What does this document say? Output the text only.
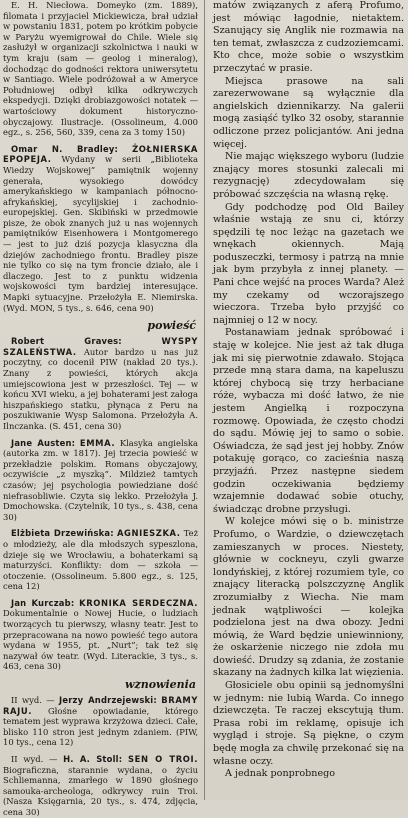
E. H. Niecłowa. Domeyko (zm. 1889), filomata i przyjaciel Mickiewicza, brał udział w powstaniu 1831, potem po krótkim pobycie w Paryżu wyemigrował do Chile. Wiele się zasłużył w organizacji szkolnictwa i nauki w tym kraju (sam — geolog i mineralog), dochodząc do godności rektora uniwersytetu w Santiago. Wiele podróżował a w Ameryce Południowej odbył kilka odkrywczych ekspedycji. Dzięki drobiazgowości notatek — wartościowy dokument historyczno-obyczajowy. Ilustracje. (Ossolineum, 4.000 egz., s. 256, 560, 339, cena za 3 tomy 150)

Omar N. Bradley: ŻOŁNIERSKA EPOPEJA. Wydany w serii „Biblioteka Wiedzy Wojskowej” pamiętnik wojenny generała, wysokiego dowódcy amerykańskiego w kampaniach północno-afrykańskiej, sycylijskiej i zachodnio-europejskiej. Gen. Skibiński w przedmowie pisze, że obok znanych już u nas wojennych pamiętników Eisenhowera i Montgomerego — jest to już dziś pozycja klasyczna dla dziejów zachodniego frontu. Bradley pisze nie tylko co się na tym froncie działo, ale i dlaczego. Jest to z punktu widzenia wojskowości tym bardziej interesujące. Mapki sytuacyjne. Przełożyła E. Niemirska. (Wyd. MON, 5 tys., s. 646, cena 90)

powieść

Robert Graves:	WYSPY SZALEŃSTWA. Autor bardzo u nas już poczytny, co docenił PIW (nakład 20 tys.). Znany z powieści, których akcja umiejscowiona jest w przeszłości. Tej — w końcu XVI wieku, a jej bohaterami jest załoga hiszpańskiego statku, płynąca z Peru na poszukiwanie Wysp Salomona. Przełożyła A. Ilnczanka. (S. 451, cena 30)

Jane Austen: EMMA. Klasyka angielska (autorka zm. w 1817). Jej trzecia powieść w przekładzie polskim. Romans obyczajowy, oczywiście „z myszką”. Mildzież tamtych czasów; jej psychologia powiedziane dość niefrasobliwie. Czyta się lekko. Przełożyła J. Dmochowska. (Czytelnik, 10 tys., s. 438, cena 30)

Elżbieta Drzewińska: AGNIESZKA. Też o młodzieży, ale dla młodszych sypeszlona, dzieje się we Wrocławiu, a bohaterkami są maturzyści. Konflikty: dom — szkoła — otoczenie. (Ossolineum. 5.800 egz., s. 125, cena 12)

Jan Kurczab: KRONIKA SERDECZNA. Dokumentalnie o Nowej Hucie, o ludziach tworzących tu pierwszy, własny teatr. Jest to przepracowana na nowo powieść tego autora wydana w 1955, pt. „Nurt”; tak też się nazywał ów teatr. (Wyd. Literackie, 3 tys., s. 463, cena 30)

wznowienia

II wyd. — Jerzy Andrzejewski: BRAMY RAJU. Głośne opowiadanie, którego tematem jest wyprawa krzyżowa dzieci. Całe, blisko 110 stron jest jednym zdaniem. (PIW, 10 tys., cena 12)

II wyd. — H. A. Stoll: SEN O TROI. Biograficzna, starannie wydana, o życiu Schliemanna, zmarłego w 1890 głośnego samouka-archeologa, odkrywcy ruin Troi. (Nasza Księgarnia, 20 tys., s. 474, zdjęcia, cena 30)

matów związanych z aferą Profumo, jest mówiąc łagodnie, nietaktem. Szanujący się Anglik nie rozmawia na ten temat, zwłaszcza z cudzoziemcami. Kto chce, może sobie o wszystkim przeczytać w prasie.

Miejsca prasowe na sali zarezerwowane są wyłącznie dla angielskich dziennikarzy. Na galerii mogą zasiąść tylko 32 osoby, starannie odliczone przez policjantów. Ani jedna więcej.

Nie mając większego wyboru (ludzie znający mores stosunki zalecali mi rezygnację) zdecydowałam się próbować szczęścia na własną rękę.

Gdy podchodzę pod Old Bailey właśnie wstają ze snu ci, którzy spędzili tę noc leżąc na gazetach we wnękach okiennych. Mają poduszeczki, termosy i patrzą na mnie jak bym przybyła z innej planety. — Pani chce wejść na proces Warda? Ależ my czekamy od wczorajszego wieczora. Trzeba było przyjść co najmniej o 12 w nocy.

Postanawiam jednak spróbować i staję w kolejce. Nie jest aż tak długa jak mi się pierwotnie zdawało. Stojąca przede mną stara dama, na kapeluszu której chybocą się trzy herbaciane róże, wybacza mi dość łatwo, że nie jestem Angielką i rozpoczyna rozmowę. Opowiada, że często chodzi do sądu. Mówię jej to samo o sobie. Oświadcza, że sąd jest jej hobby. Znów potakuję gorąco, co zacieśnia naszą przyjaźń. Przez następne siedem godzin oczekiwania będziemy wzajemnie dodawać sobie otuchy, świadcząc drobne przysługi.

W kolejce mówi się o b. ministrze Profumo, o Wardzie, o dziewczętach zamieszanych w proces. Niestety, głównie w cockneyu, czyli gwarze londyńskiej, z której rozumiem tyle, co znający literacką polszczyznę Anglik zrozumiałby z Wiecha. Nie mam jednak wątpliwości — kolejka podzielona jest na dwa obozy. Jedni mówią, że Ward będzie uniewinniony, że oskarżenie niczego nie zdoła mu dowieść. Drudzy są zdania, że zostanie skazany na żadnych kilka lat więzienia.

Głosiciele obu opinii są jednomyślni w jednym: nie lubią Warda. Co innego dziewczęta. Te raczej ekscytują tłum. Prasa robi im reklamę, opisuje ich wygląd i stroje. Są piękne, o czym będę mogła za chwilę przekonać się na własne oczy.

A jednak ponprobnego
